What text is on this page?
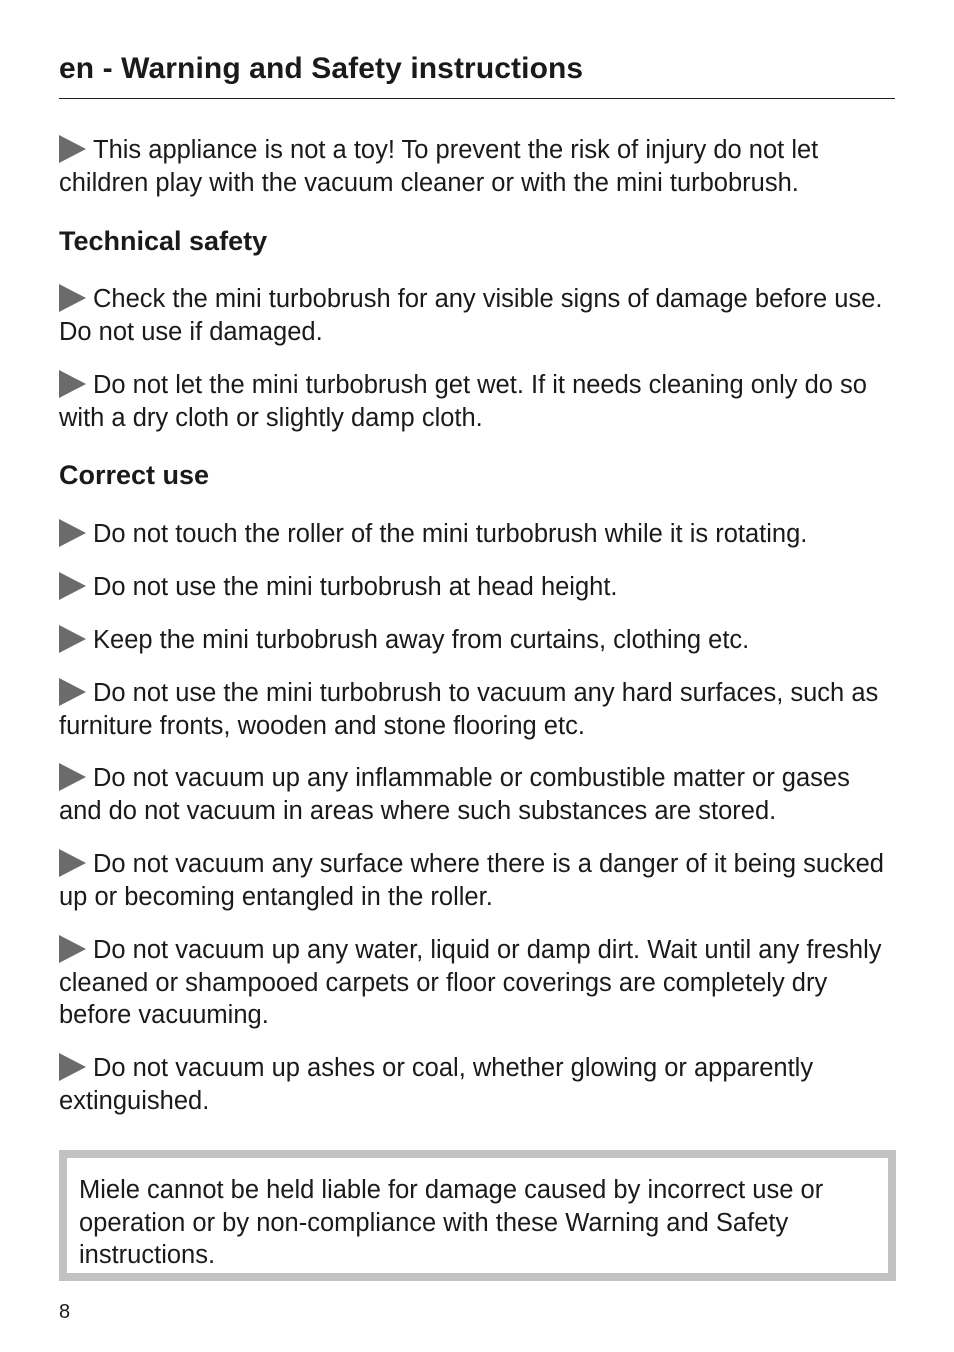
en - Warning and Safety instructions

This appliance is not a toy! To prevent the risk of injury do not let children play with the vacuum cleaner or with the mini turbobrush.

Technical safety

Check the mini turbobrush for any visible signs of damage before use. Do not use if damaged.

Do not let the mini turbobrush get wet. If it needs cleaning only do so with a dry cloth or slightly damp cloth.

Correct use

Do not touch the roller of the mini turbobrush while it is rotating.

Do not use the mini turbobrush at head height.

Keep the mini turbobrush away from curtains, clothing etc.

Do not use the mini turbobrush to vacuum any hard surfaces, such as furniture fronts, wooden and stone flooring etc.

Do not vacuum up any inflammable or combustible matter or gases and do not vacuum in areas where such substances are stored.

Do not vacuum any surface where there is a danger of it being sucked up or becoming entangled in the roller.

Do not vacuum up any water, liquid or damp dirt. Wait until any freshly cleaned or shampooed carpets or floor coverings are completely dry before vacuuming.

Do not vacuum up ashes or coal, whether glowing or apparently extinguished.

Miele cannot be held liable for damage caused by incorrect use or operation or by non-compliance with these Warning and Safety instructions.

8
